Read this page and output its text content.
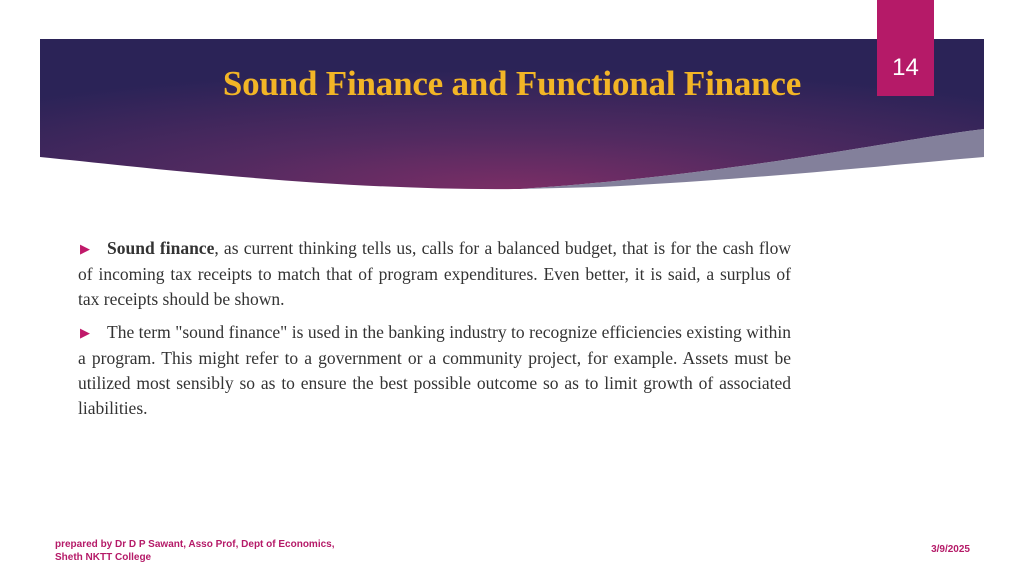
Sound Finance and Functional Finance	14

▶ Sound finance, as current thinking tells us, calls for a balanced budget, that is for the cash flow of incoming tax receipts to match that of program expenditures. Even better, it is said, a surplus of tax receipts should be shown.

▶ The term "sound finance" is used in the banking industry to recognize efficiencies existing within a program. This might refer to a government or a community project, for example. Assets must be utilized most sensibly so as to ensure the best possible outcome so as to limit growth of associated liabilities.

prepared by Dr D P Sawant, Asso Prof, Dept of Economics,
Sheth NKTT College
3/9/2025
